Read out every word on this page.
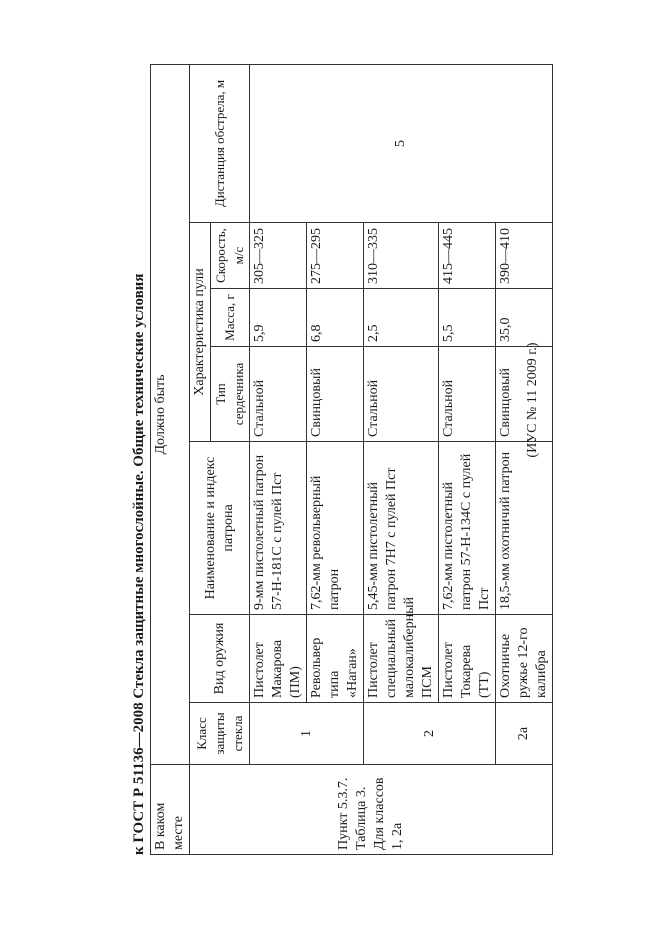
к ГОСТ Р 51136—2008 Стекла защитные многослойные. Общие технические условия В каком месте	Должно быть						
Пункт 5.3.7. Таблица 3. Для классов 1, 2а	Класс защиты стекла	Вид оружия	Наименование и индекс патрона	Характеристика пули			Дистанция обстрела, м
				Тип сердечника	Масса, г	Скорость, м/с	
	1	Пистолет Макарова (ПМ)	9-мм пистолетный патрон 57-Н-181С с пулей Пст	Стальной	5,9	305—325	5
		Револьвер типа «Наган»	7,62-мм револьверный патрон	Свинцовый	6,8	275—295	
	2	Пистолет специальный малокалиберный ПСМ	5,45-мм пистолетный патрон 7Н7 с пулей Пст	Стальной	2,5	310—335	
		Пистолет Токарева (ТТ)	7,62-мм пистолетный патрон 57-Н-134С с пулей Пст	Стальной	5,5	415—445	
	2а	Охотничье ружье 12-го калибра	18,5-мм охотничий патрон	Свинцовый	35,0	390—410	
(ИУС № 11 2009 г.)
